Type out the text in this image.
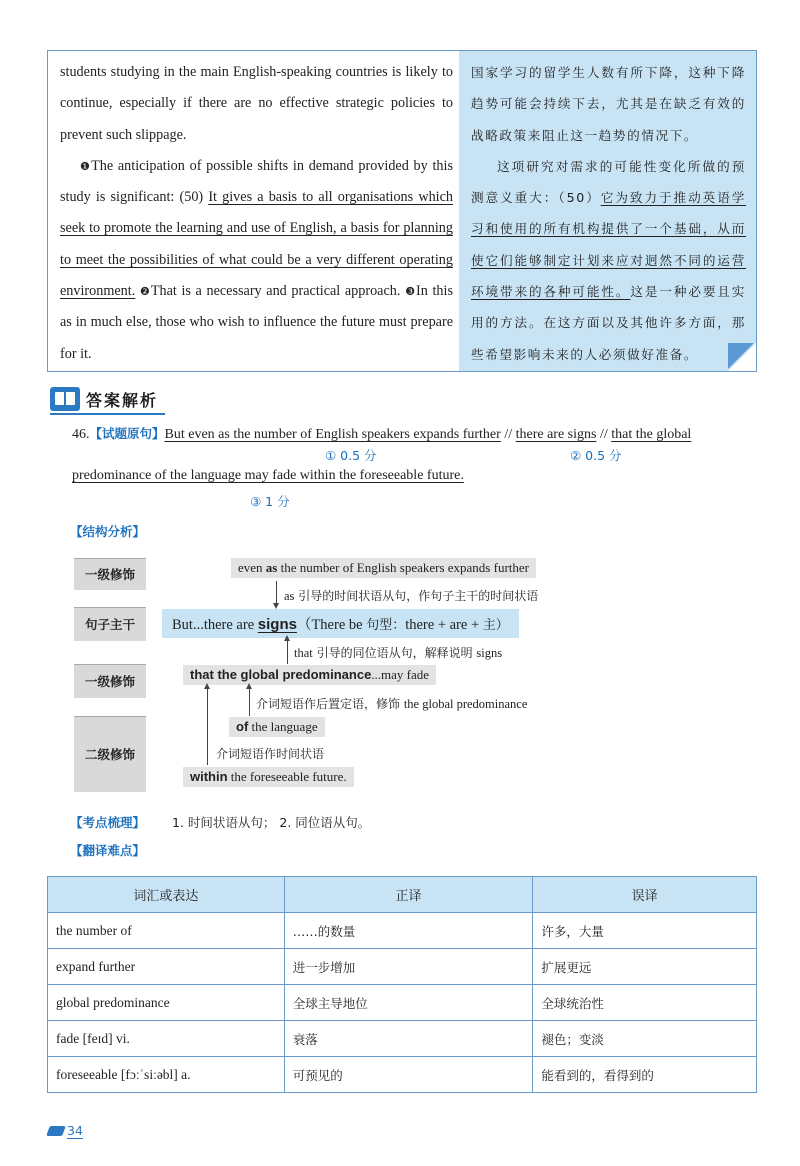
students studying in the main English-speaking countries is likely to continue, especially if there are no effective strategic policies to prevent such slippage.

❶The anticipation of possible shifts in demand provided by this study is significant: (50) It gives a basis to all organisations which seek to promote the learning and use of English, a basis for planning to meet the possibilities of what could be a very different operating environment. ❷That is a necessary and practical approach. ❸In this as in much else, those who wish to influence the future must prepare for it.

国家学习的留学生人数有所下降，这种下降趋势可能会持续下去，尤其是在缺乏有效的战略政策来阻止这一趋势的情况下。

这项研究对需求的可能性变化所做的预测意义重大：（50）它为致力于推动英语学习和使用的所有机构提供了一个基础，从而使它们能够制定计划来应对迥然不同的运营环境带来的各种可能性。这是一种必要且实用的方法。在这方面以及其他许多方面，那些希望影响未来的人必须做好准备。

答案解析
46.【试题原句】But even as the number of English speakers expands further // there are signs // that the global
① 0.5 分	② 0.5 分
predominance of the language may fade within the foreseeable future.
③ 1 分
【结构分析】
一级修饰
句子主干
一级修饰
二级修饰
even as the number of English speakers expands further
as 引导的时间状语从句，作句子主干的时间状语
But...there are signs（There be 句型：there + are + 主）
that 引导的同位语从句，解释说明 signs
that the global predominance...may fade
介词短语作后置定语，修饰 the global predominance
of the language
介词短语作时间状语
within the foreseeable future.
【考点梳理】 1. 时间状语从句； 2. 同位语从句。
【翻译难点】
词汇或表达	正译	误译
the number of	……的数量	许多，大量
expand further	进一步增加	扩展更远
global predominance	全球主导地位	全球统治性
fade [feɪd] vi.	衰落	褪色；变淡
foreseeable [fɔːˈsiːəbl] a.	可预见的	能看到的，看得到的
34
